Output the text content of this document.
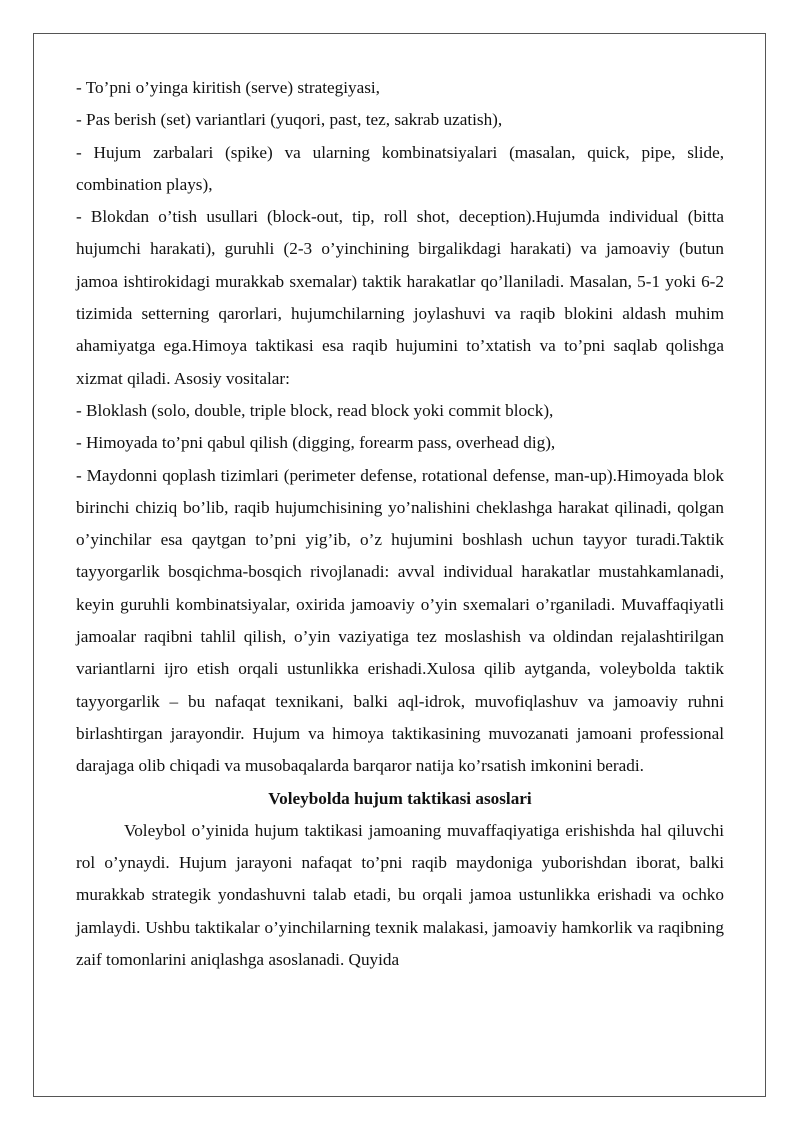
- To’pni o’yinga kiritish (serve) strategiyasi,

- Pas berish (set) variantlari (yuqori, past, tez, sakrab uzatish),

- Hujum zarbalari (spike) va ularning kombinatsiyalari (masalan, quick, pipe, slide, combination plays),

- Blokdan o’tish usullari (block-out, tip, roll shot, deception).Hujumda individual (bitta hujumchi harakati), guruhli (2-3 o’yinchining birgalikdagi harakati) va jamoaviy (butun jamoa ishtirokidagi murakkab sxemalar) taktik harakatlar qo’llaniladi. Masalan, 5-1 yoki 6-2 tizimida setterning qarorlari, hujumchilarning joylashuvi va raqib blokini aldash muhim ahamiyatga ega.Himoya taktikasi esa raqib hujumini to’xtatish va to’pni saqlab qolishga xizmat qiladi. Asosiy vositalar:

- Bloklash (solo, double, triple block, read block yoki commit block),

- Himoyada to’pni qabul qilish (digging, forearm pass, overhead dig),

- Maydonni qoplash tizimlari (perimeter defense, rotational defense, man-up).Himoyada blok birinchi chiziq bo’lib, raqib hujumchisining yo’nalishini cheklashga harakat qilinadi, qolgan o’yinchilar esa qaytgan to’pni yig’ib, o’z hujumini boshlash uchun tayyor turadi.Taktik tayyorgarlik bosqichma-bosqich rivojlanadi: avval individual harakatlar mustahkamlanadi, keyin guruhli kombinatsiyalar, oxirida jamoaviy o’yin sxemalari o’rganiladi. Muvaffaqiyatli jamoalar raqibni tahlil qilish, o’yin vaziyatiga tez moslashish va oldindan rejalashtirilgan variantlarni ijro etish orqali ustunlikka erishadi.Xulosa qilib aytganda, voleybolda taktik tayyorgarlik – bu nafaqat texnikani, balki aql-idrok, muvofiqlashuv va jamoaviy ruhni birlashtirgan jarayondir. Hujum va himoya taktikasining muvozanati jamoani professional darajaga olib chiqadi va musobaqalarda barqaror natija ko’rsatish imkonini beradi.

Voleybolda hujum taktikasi asoslari

Voleybol o’yinida hujum taktikasi jamoaning muvaffaqiyatiga erishishda hal qiluvchi rol o’ynaydi. Hujum jarayoni nafaqat to’pni raqib maydoniga yuborishdan iborat, balki murakkab strategik yondashuvni talab etadi, bu orqali jamoa ustunlikka erishadi va ochko jamlaydi. Ushbu taktikalar o’yinchilarning texnik malakasi, jamoaviy hamkorlik va raqibning zaif tomonlarini aniqlashga asoslanadi. Quyida
